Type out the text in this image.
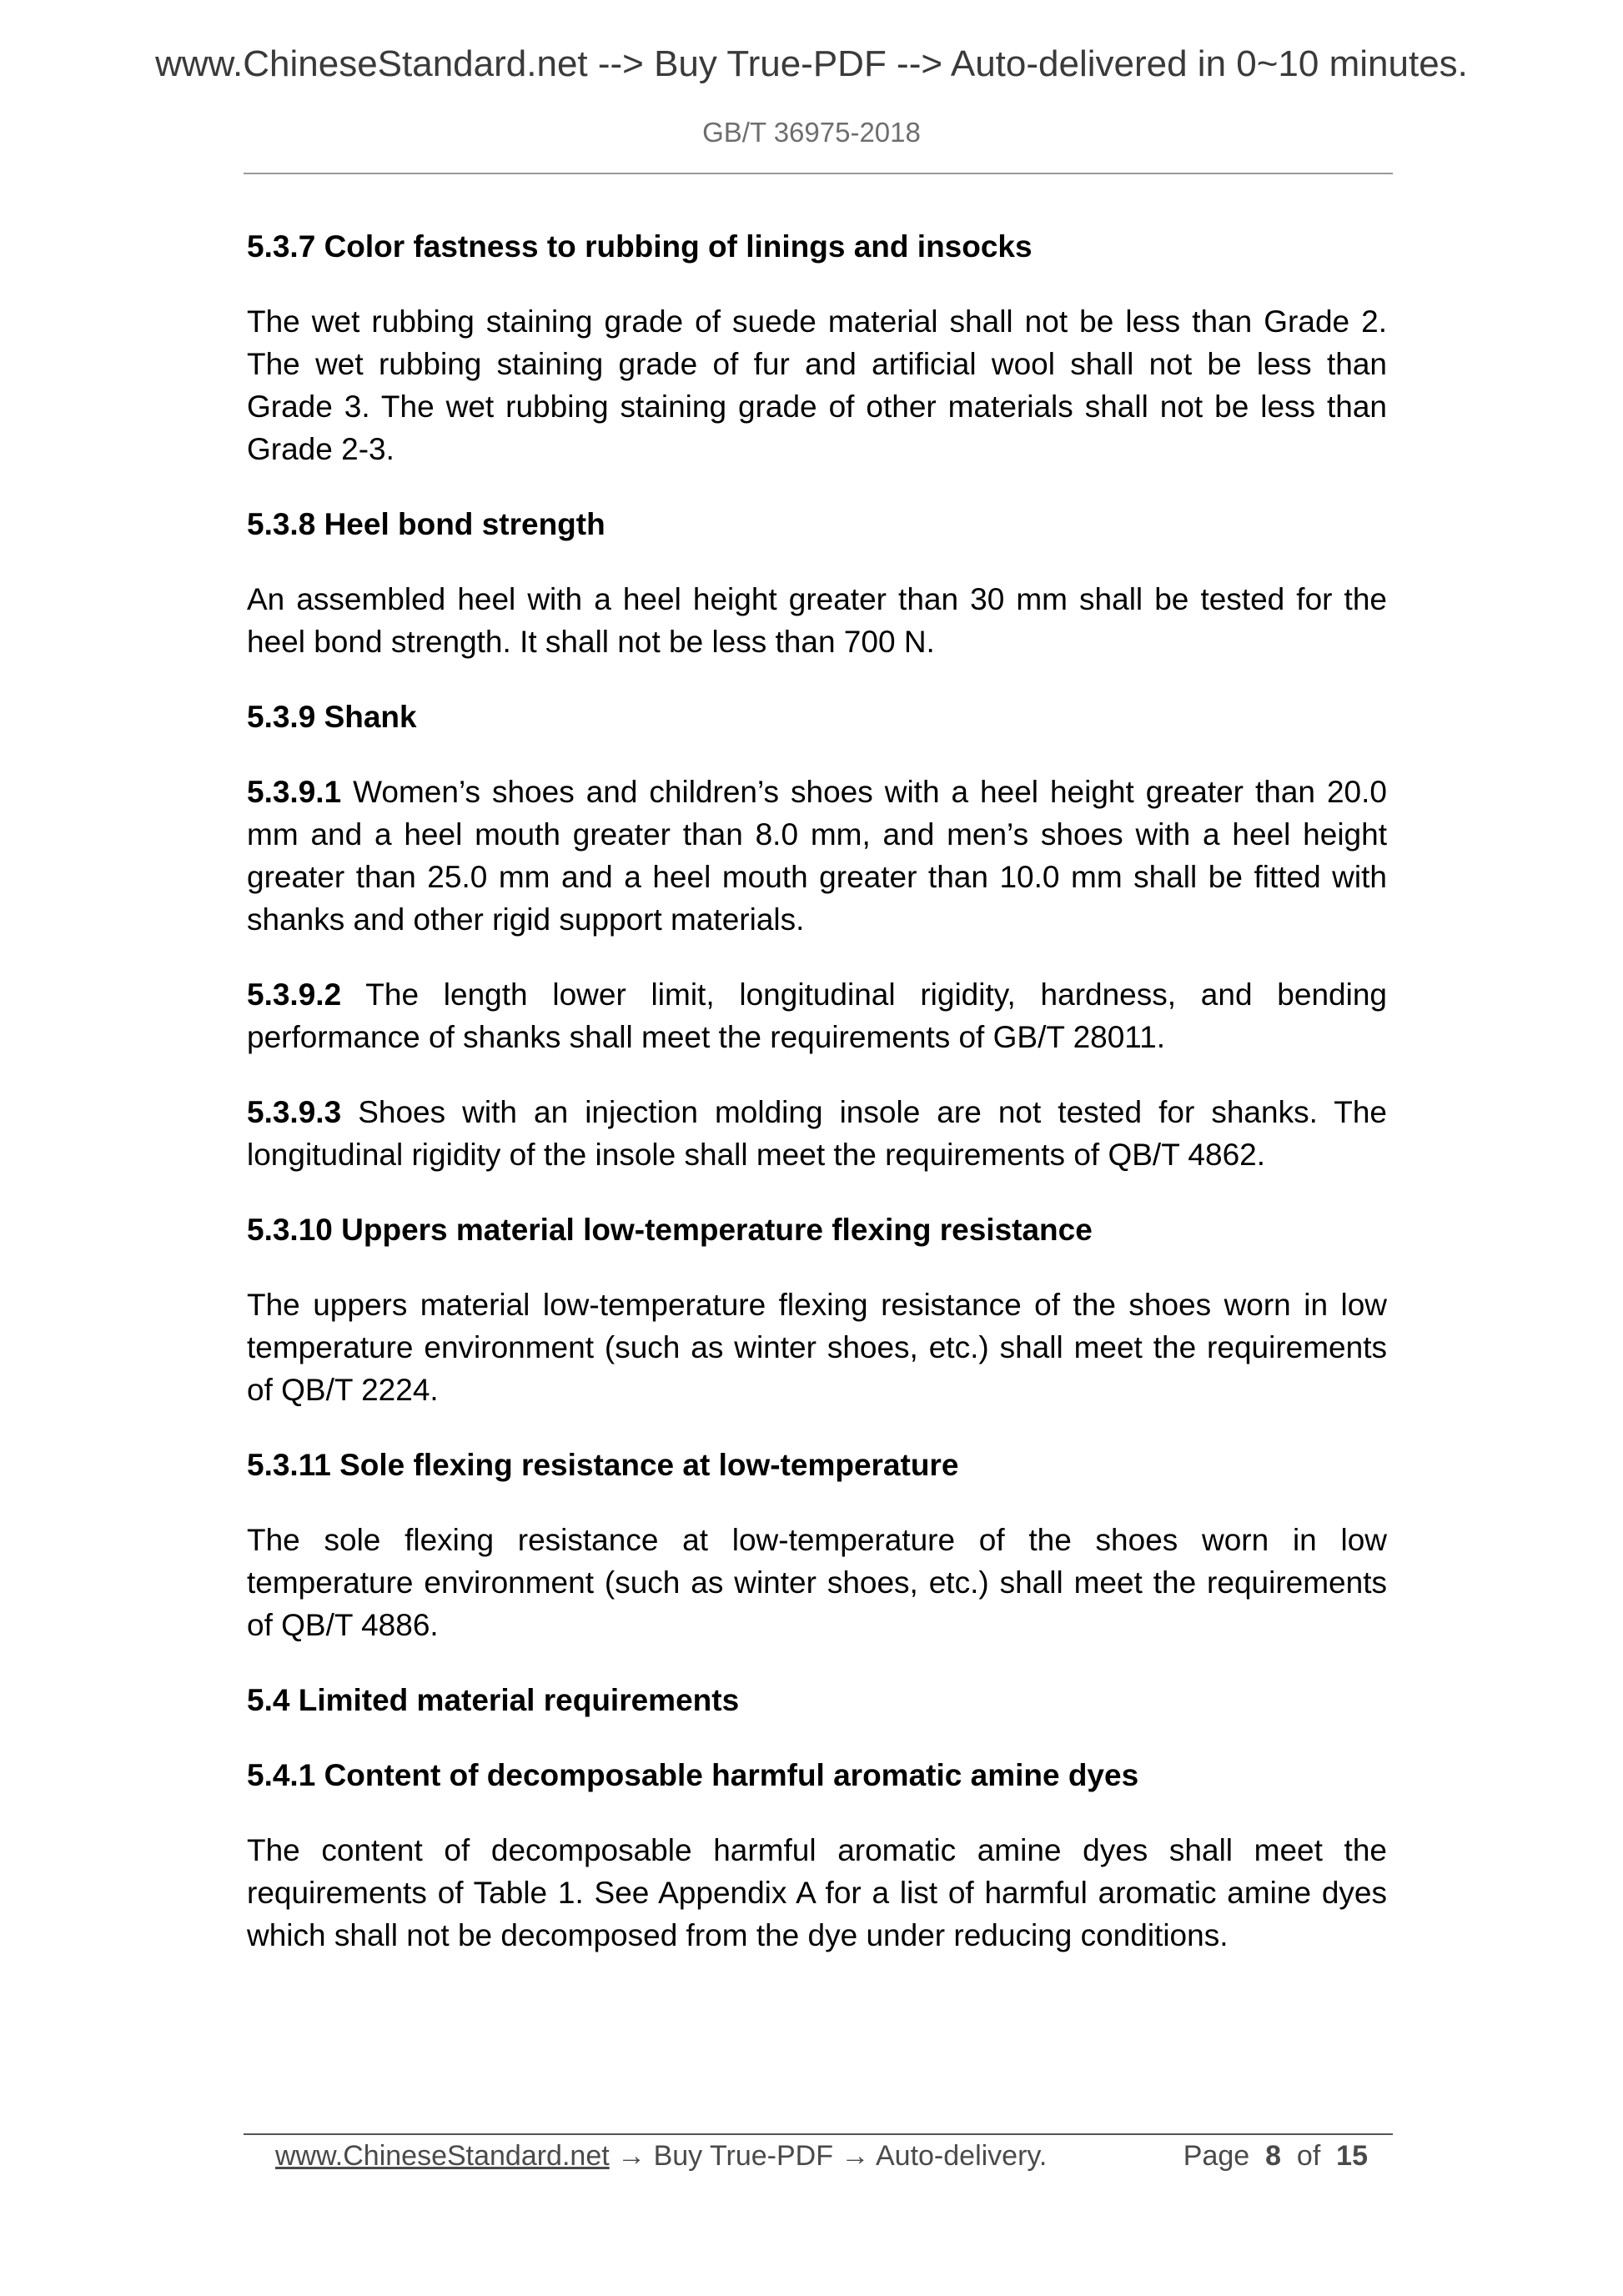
www.ChineseStandard.net --> Buy True-PDF --> Auto-delivered in 0~10 minutes.
GB/T 36975-2018
5.3.7 Color fastness to rubbing of linings and insocks
The wet rubbing staining grade of suede material shall not be less than Grade 2. The wet rubbing staining grade of fur and artificial wool shall not be less than Grade 3. The wet rubbing staining grade of other materials shall not be less than Grade 2-3.
5.3.8 Heel bond strength
An assembled heel with a heel height greater than 30 mm shall be tested for the heel bond strength. It shall not be less than 700 N.
5.3.9 Shank
5.3.9.1 Women’s shoes and children’s shoes with a heel height greater than 20.0 mm and a heel mouth greater than 8.0 mm, and men’s shoes with a heel height greater than 25.0 mm and a heel mouth greater than 10.0 mm shall be fitted with shanks and other rigid support materials.
5.3.9.2 The length lower limit, longitudinal rigidity, hardness, and bending performance of shanks shall meet the requirements of GB/T 28011.
5.3.9.3 Shoes with an injection molding insole are not tested for shanks. The longitudinal rigidity of the insole shall meet the requirements of QB/T 4862.
5.3.10 Uppers material low-temperature flexing resistance
The uppers material low-temperature flexing resistance of the shoes worn in low temperature environment (such as winter shoes, etc.) shall meet the requirements of QB/T 2224.
5.3.11 Sole flexing resistance at low-temperature
The sole flexing resistance at low-temperature of the shoes worn in low temperature environment (such as winter shoes, etc.) shall meet the requirements of QB/T 4886.
5.4 Limited material requirements
5.4.1 Content of decomposable harmful aromatic amine dyes
The content of decomposable harmful aromatic amine dyes shall meet the requirements of Table 1. See Appendix A for a list of harmful aromatic amine dyes which shall not be decomposed from the dye under reducing conditions.
www.ChineseStandard.net → Buy True-PDF → Auto-delivery.	Page 8 of 15
